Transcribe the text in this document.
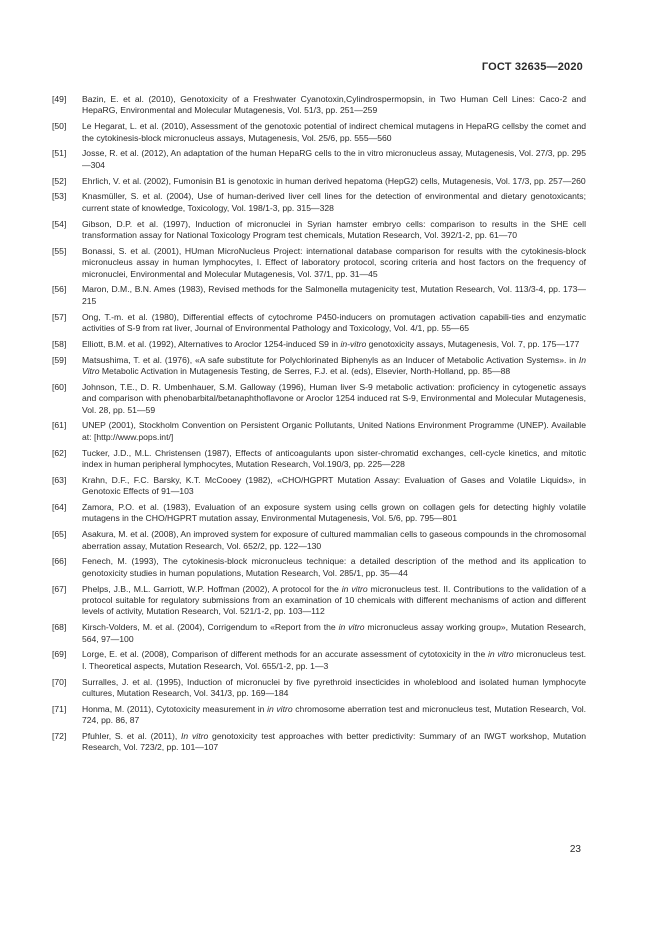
ГОСТ 32635—2020
[49]	Bazin, E. et al. (2010), Genotoxicity of a Freshwater Cyanotoxin,Cylindrospermopsin, in Two Human Cell Lines: Caco-2 and HepaRG, Environmental and Molecular Mutagenesis, Vol. 51/3, pp. 251—259
[50]	Le Hegarat, L. et al. (2010), Assessment of the genotoxic potential of indirect chemical mutagens in HepaRG cellsby the comet and the cytokinesis-block micronucleus assays, Mutagenesis, Vol. 25/6, pp. 555—560
[51]	Josse, R. et al. (2012), An adaptation of the human HepaRG cells to the in vitro micronucleus assay, Mutagenesis, Vol. 27/3, pp. 295—304
[52]	Ehrlich, V. et al. (2002), Fumonisin B1 is genotoxic in human derived hepatoma (HepG2) cells, Mutagenesis, Vol. 17/3, pp. 257—260
[53]	Knasmüller, S. et al. (2004), Use of human-derived liver cell lines for the detection of environmental and dietary genotoxicants; current state of knowledge, Toxicology, Vol. 198/1-3, pp. 315—328
[54]	Gibson, D.P. et al. (1997), Induction of micronuclei in Syrian hamster embryo cells: comparison to results in the SHE cell transformation assay for National Toxicology Program test chemicals, Mutation Research, Vol. 392/1-2, pp. 61—70
[55]	Bonassi, S. et al. (2001), HUman MicroNucleus Project: international database comparison for results with the cytokinesis-block micronucleus assay in human lymphocytes, I. Effect of laboratory protocol, scoring criteria and host factors on the frequency of micronuclei, Environmental and Molecular Mutagenesis, Vol. 37/1, pp. 31—45
[56]	Maron, D.M., B.N. Ames (1983), Revised methods for the Salmonella mutagenicity test, Mutation Research, Vol. 113/3-4, pp. 173—215
[57]	Ong, T.-m. et al. (1980), Differential effects of cytochrome P450-inducers on promutagen activation capabili-ties and enzymatic activities of S-9 from rat liver, Journal of Environmental Pathology and Toxicology, Vol. 4/1, pp. 55—65
[58]	Elliott, B.M. et al. (1992), Alternatives to Aroclor 1254-induced S9 in in-vitro genotoxicity assays, Mutagenesis, Vol. 7, pp. 175—177
[59]	Matsushima, T. et al. (1976), «A safe substitute for Polychlorinated Biphenyls as an Inducer of Metabolic Activation Systems». in In Vitro Metabolic Activation in Mutagenesis Testing, de Serres, F.J. et al. (eds), Elsevier, North-Holland, pp. 85—88
[60]	Johnson, T.E., D. R. Umbenhauer, S.M. Galloway (1996), Human liver S-9 metabolic activation: proficiency in cytogenetic assays and comparison with phenobarbital/betanaphthoflavone or Aroclor 1254 induced rat S-9, Environmental and Molecular Mutagenesis, Vol. 28, pp. 51—59
[61]	UNEP (2001), Stockholm Convention on Persistent Organic Pollutants, United Nations Environment Programme (UNEP). Available at: [http://www.pops.int/]
[62]	Tucker, J.D., M.L. Christensen (1987), Effects of anticoagulants upon sister-chromatid exchanges, cell-cycle kinetics, and mitotic index in human peripheral lymphocytes, Mutation Research, Vol.190/3, pp. 225—228
[63]	Krahn, D.F., F.C. Barsky, K.T. McCooey (1982), «CHO/HGPRT Mutation Assay: Evaluation of Gases and Volatile Liquids», in Genotoxic Effects of 91—103
[64]	Zamora, P.O. et al. (1983), Evaluation of an exposure system using cells grown on collagen gels for detecting highly volatile mutagens in the CHO/HGPRT mutation assay, Environmental Mutagenesis, Vol. 5/6, pp. 795—801
[65]	Asakura, M. et al. (2008), An improved system for exposure of cultured mammalian cells to gaseous compounds in the chromosomal aberration assay, Mutation Research, Vol. 652/2, pp. 122—130
[66]	Fenech, M. (1993), The cytokinesis-block micronucleus technique: a detailed description of the method and its application to genotoxicity studies in human populations, Mutation Research, Vol. 285/1, pp. 35—44
[67]	Phelps, J.B., M.L. Garriott, W.P. Hoffman (2002), A protocol for the in vitro micronucleus test. II. Contributions to the validation of a protocol suitable for regulatory submissions from an examination of 10 chemicals with different mechanisms of action and different levels of activity, Mutation Research, Vol. 521/1-2, pp. 103—112
[68]	Kirsch-Volders, M. et al. (2004), Corrigendum to «Report from the in vitro micronucleus assay working group», Mutation Research, 564, 97—100
[69]	Lorge, E. et al. (2008), Comparison of different methods for an accurate assessment of cytotoxicity in the in vitro micronucleus test. I. Theoretical aspects, Mutation Research, Vol. 655/1-2, pp. 1—3
[70]	Surralles, J. et al. (1995), Induction of micronuclei by five pyrethroid insecticides in wholeblood and isolated human lymphocyte cultures, Mutation Research, Vol. 341/3, pp. 169—184
[71]	Honma, M. (2011), Cytotoxicity measurement in in vitro chromosome aberration test and micronucleus test, Mutation Research, Vol. 724, pp. 86, 87
[72]	Pfuhler, S. et al. (2011), In vitro genotoxicity test approaches with better predictivity: Summary of an IWGT workshop, Mutation Research, Vol. 723/2, pp. 101—107
23
